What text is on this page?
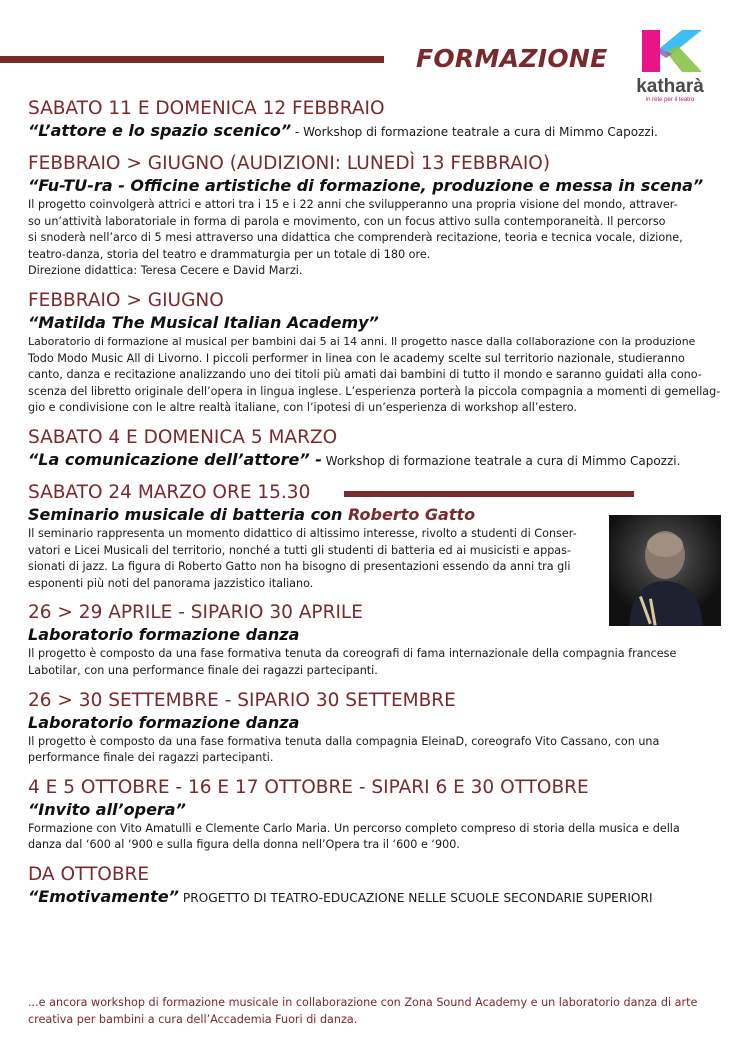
FORMAZIONE
katharà
in rete per il teatro

SABATO 11 E DOMENICA 12 FEBBRAIO

“L’attore e lo spazio scenico” - Workshop di formazione teatrale a cura di Mimmo Capozzi.

FEBBRAIO > GIUGNO (AUDIZIONI: LUNEDÌ 13 FEBBRAIO)

“Fu-TU-ra - Officine artistiche di formazione, produzione e messa in scena”

Il progetto coinvolgerà attrici e attori tra i 15 e i 22 anni che svilupperanno una propria visione del mondo, attraver-
so un’attività laboratoriale in forma di parola e movimento, con un focus attivo sulla contemporaneità. Il percorso
si snoderà nell’arco di 5 mesi attraverso una didattica che comprenderà recitazione, teoria e tecnica vocale, dizione,
teatro-danza, storia del teatro e drammaturgia per un totale di 180 ore.
Direzione didattica: Teresa Cecere e David Marzi.

FEBBRAIO > GIUGNO

“Matilda The Musical Italian Academy”

Laboratorio di formazione al musical per bambini dai 5 ai 14 anni. Il progetto nasce dalla collaborazione con la produzione
Todo Modo Music All di Livorno. I piccoli performer in linea con le academy scelte sul territorio nazionale, studieranno
canto, danza e recitazione analizzando uno dei titoli più amati dai bambini di tutto il mondo e saranno guidati alla cono-
scenza del libretto originale dell’opera in lingua inglese. L’esperienza porterà la piccola compagnia a momenti di gemellag-
gio e condivisione con le altre realtà italiane, con l’ipotesi di un’esperienza di workshop all’estero.

SABATO 4 E DOMENICA 5 MARZO

“La comunicazione dell’attore” - Workshop di formazione teatrale a cura di Mimmo Capozzi.

SABATO 24 MARZO ORE 15.30

Seminario musicale di batteria con Roberto Gatto

Il seminario rappresenta un momento didattico di altissimo interesse, rivolto a studenti di Conser-
vatori e Licei Musicali del territorio, nonché a tutti gli studenti di batteria ed ai musicisti e appas-
sionati di jazz. La figura di Roberto Gatto non ha bisogno di presentazioni essendo da anni tra gli
esponenti più noti del panorama jazzistico italiano.

26 > 29 APRILE - SIPARIO 30 APRILE

Laboratorio formazione danza

Il progetto è composto da una fase formativa tenuta da coreografi di fama internazionale della compagnia francese
Labotilar, con una performance finale dei ragazzi partecipanti.

26 > 30 SETTEMBRE - SIPARIO 30 SETTEMBRE

Laboratorio formazione danza

Il progetto è composto da una fase formativa tenuta dalla compagnia EleinaD, coreografo Vito Cassano, con una
performance finale dei ragazzi partecipanti.

4 E 5 OTTOBRE - 16 E 17 OTTOBRE - SIPARI 6 E 30 OTTOBRE

“Invito all’opera”

Formazione con Vito Amatulli e Clemente Carlo Maria. Un percorso completo compreso di storia della musica e della
danza dal ‘600 al ‘900 e sulla figura della donna nell’Opera tra il ‘600 e ‘900.

DA OTTOBRE

“Emotivamente” PROGETTO DI TEATRO-EDUCAZIONE NELLE SCUOLE SECONDARIE SUPERIORI

...e ancora workshop di formazione musicale in collaborazione con Zona Sound Academy e un laboratorio danza di arte
creativa per bambini a cura dell’Accademia Fuori di danza.
